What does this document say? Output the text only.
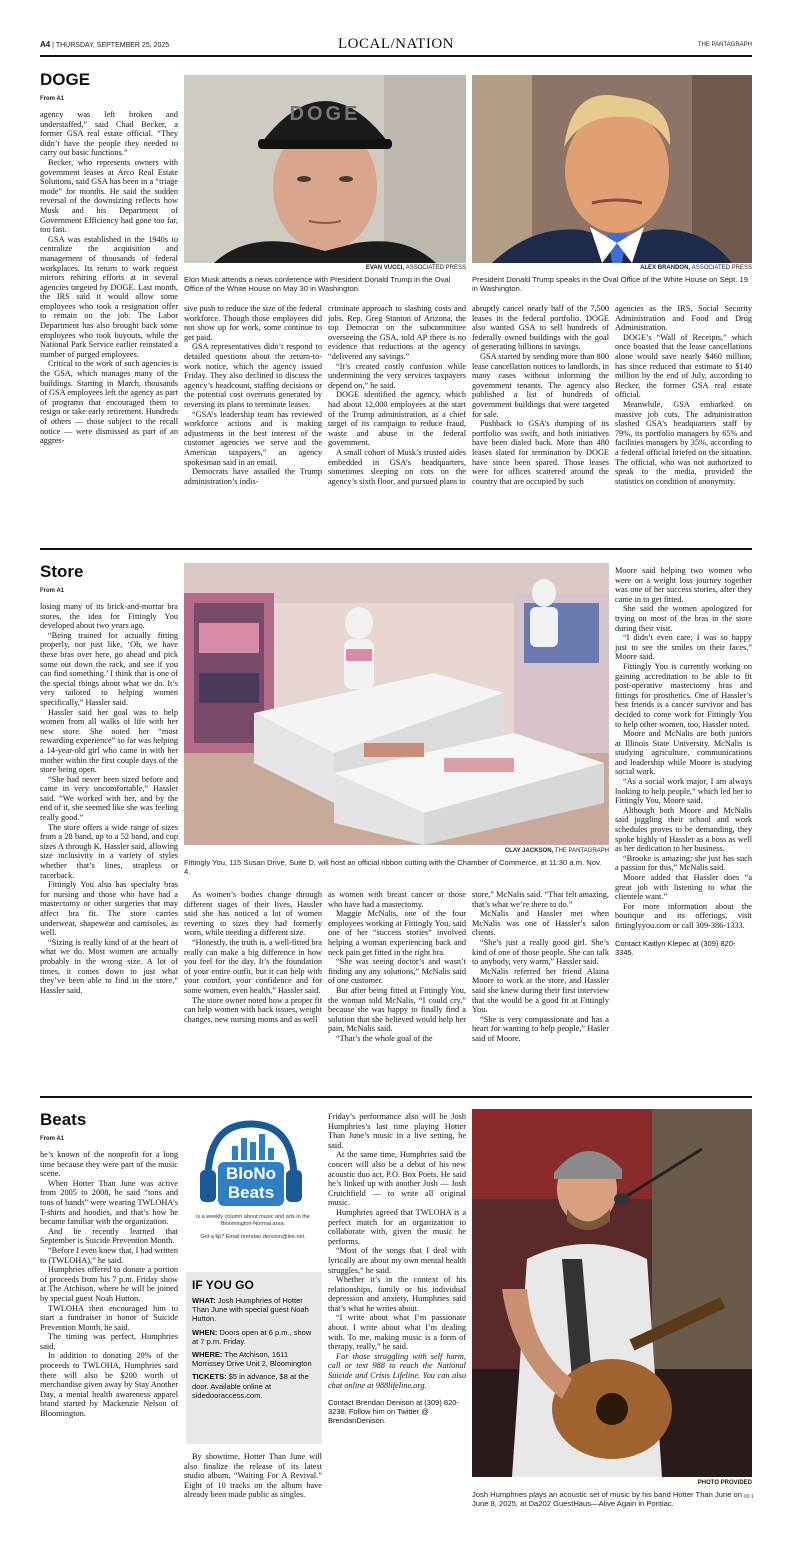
A4 | THURSDAY, SEPTEMBER 25, 2025	LOCAL/NATION	THE PANTAGRAPH
DOGE
From A1
DOGE
EVAN VUCCI, ASSOCIATED PRESS
Elon Musk attends a news conference with President Donald Trump in the Oval Office of the White House on May 30 in Washington.
ALEX BRANDON, ASSOCIATED PRESS
President Donald Trump speaks in the Oval Office of the White House on Sept. 19 in Washington.

agency was left broken and understaffed,” said Chad Becker, a former GSA real estate official. “They didn’t have the people they needed to carry out basic functions.”

Becker, who represents owners with government leases at Arco Real Estate Solutions, said GSA has been in a “triage mode” for months. He said the sudden reversal of the downsizing reflects how Musk and his Department of Government Efficiency had gone too far, too fast.

GSA was established in the 1940s to centralize the acquisition and management of thousands of federal workplaces. Its return to work request mirrors rehiring efforts at in several agencies targeted by DOGE. Last month, the IRS said it would allow some employees who took a resignation offer to remain on the job. The Labor Department has also brought back some employees who took buyouts, while the National Park Service earlier reinstated a number of purged employees.

Critical to the work of such agencies is the GSA, which manages many of the buildings. Starting in March, thousands of GSA employees left the agency as part of programs that encouraged them to resign or take early retirement. Hundreds of others — those subject to the recall notice — were dismissed as part of an aggres-

sive push to reduce the size of the federal workforce. Though those employees did not show up for work, some continue to get paid.

GSA representatives didn’t respond to detailed questions about the return-to-work notice, which the agency issued Friday. They also declined to discuss the agency’s headcount, staffing decisions or the potential cost overruns generated by reversing its plans to terminate leases.

“GSA’s leadership team has reviewed workforce actions and is making adjustments in the best interest of the customer agencies we serve and the American taxpayers,” an agency spokesman said in an email.

Democrats have assailed the Trump administration’s indis-

criminate approach to slashing costs and jobs. Rep. Greg Stanton of Arizona, the top Democrat on the subcommittee overseeing the GSA, told AP there is no evidence that reductions at the agency “delivered any savings.”

“It’s created costly confusion while undermining the very services taxpayers depend on,” he said.

DOGE identified the agency, which had about 12,000 employees at the start of the Trump administration, as a chief target of its campaign to reduce fraud, waste and abuse in the federal government.

A small cohort of Musk’s trusted aides embedded in GSA’s headquarters, sometimes sleeping on cots on the agency’s sixth floor, and pursued plans to

abruptly cancel nearly half of the 7,500 leases in the federal portfolio. DOGE also wanted GSA to sell hundreds of federally owned buildings with the goal of generating billions in savings.

GSA started by sending more than 800 lease cancellation notices to landlords, in many cases without informing the government tenants. The agency also published a list of hundreds of government buildings that were targeted for sale.

Pushback to GSA’s dumping of its portfolio was swift, and both initiatives have been dialed back. More than 480 leases slated for termination by DOGE have since been spared. Those leases were for offices scattered around the country that are occupied by such

agencies as the IRS, Social Security Administration and Food and Drug Administration.

DOGE’s “Wall of Receipts,” which once boasted that the lease cancellations alone would save nearly $460 million, has since reduced that estimate to $140 million by the end of July, according to Becker, the former GSA real estate official.

Meanwhile, GSA embarked on massive job cuts. The administration slashed GSA’s headquarters staff by 79%, its portfolio managers by 65% and facilities managers by 35%, according to a federal official briefed on the situation. The official, who was not authorized to speak to the media, provided the statistics on condition of anonymity.

Store
From A1
CLAY JACKSON, THE PANTAGRAPH
Fittingly You, 115 Susan Drive, Suite D, will host an official ribbon cutting with the Chamber of Commerce, at 11:30 a.m. Nov. 4.

losing many of its brick-and-mortar bra stores, the idea for Fittingly You developed about two years ago.

“Being trained for actually fitting properly, not just like, ‘Oh, we have these bras over here, go ahead and pick some out down the rack, and see if you can find something.’ I think that is one of the special things about what we do. It’s very tailored to helping women specifically,” Hassler said.

Hassler said her goal was to help women from all walks of life with her new store. She noted her “most rewarding experience” so far was helping a 14-year-old girl who came in with her mother within the first couple days of the store being open.

“She had never been sized before and came in very uncomfortable,” Hassler said. “We worked with her, and by the end of it, she seemed like she was feeling really good.”

The store offers a wide range of sizes from a 28 band, up to a 52 band, and cup sizes A through K, Hassler said, allowing size inclusivity in a variety of styles whether that’s lines, strapless or racerback.

Fittingly You also has specialty bras for nursing and those who have had a mastectomy or other surgeries that may affect bra fit. The store carries underwear, shapewear and camisoles, as well.

“Sizing is really kind of at the heart of what we do. Most women are actually probably in the wrong size. A lot of times, it comes down to just what they’ve been able to find in the store,” Hassler said.

As women’s bodies change through different stages of their lives, Hassler said she has noticed a lot of women reverting to sizes they had formerly worn, while needing a different size.

“Honestly, the truth is, a well-fitted bra really can make a big difference in how you feel for the day. It’s the foundation of your entire outfit, but it can help with your comfort, your confidence and for some women, even health,” Hassler said.

The store owner noted how a proper fit can help women with back issues, weight changes, new nursing moms and as well

as women with breast cancer or those who have had a mastectomy.

Maggie McNalis, one of the four employees working at Fittingly You, said one of her “success stories” involved helping a woman experiencing back and neck pain get fitted in the right bra.

“She was seeing doctor’s and wasn’t finding any any solutions,” McNalis said of one customer.

But after being fitted at Fittingly You, the woman told McNalis, “I could cry,” because she was happy to finally find a solution that she believed would help her pain, McNalis said.

“That’s the whole goal of the

store,” McNalis said. “That felt amazing, that’s what we’re there to do.”

McNalis and Hassler met when McNalis was one of Hassler’s salon clients.

“She’s just a really good girl. She’s kind of one of those people. She can talk to anybody, very warm,” Hassler said.

McNalis referred her friend Alaina Moore to work at the store, and Hassler said she knew during their first interview that she would be a good fit at Fittingly You.

“She is very compassionate and has a heart for wanting to help people,” Hasler said of Moore.

Moore said helping two women who were on a weight loss journey together was one of her success stories, after they came in to get fitted.

She said the women apologized for trying on most of the bras in the store during their visit.

“I didn’t even care; I was so happy just to see the smiles on their faces,” Moore said.

Fittingly You is currently working on gaining accreditation to be able to fit post-operative mastectomy bras and fittings for prosthetics. One of Hassler’s best friends is a cancer survivor and has decided to come work for Fittingly You to help other women, too, Hassler noted.

Moore and McNalis are both juniors at Illinois State University. McNalis is studying agriculture, communications and leadership while Moore is studying social work.

“As a social work major, I am always looking to help people,” which led her to Fittingly You, Moore said.

Although both Moore and McNalis said juggling their school and work schedules proves to be demanding, they spoke highly of Hassler as a boss as well as her dedication to her business.

“Brooke is amazing; she just has such a passion for this,” McNalis said.

Moore added that Hassler does “a great job with listening to what the clientele want.”

For more information about the boutique and its offerings, visit fittinglyyou.com or call 309-386-1333.

Contact Kaitlyn Klepec at (309) 820-3345.

Beats
From A1

he’s known of the nonprofit for a long time because they were part of the music scene.

When Hotter Than June was active from 2005 to 2008, he said “tons and tons of bands” were wearing TWLOHA’s T-shirts and hoodies, and that’s how he became familiar with the organization.

And he recently learned that September is Suicide Prevention Month.

“Before I even knew that, I had written to (TWLOHA),” he said.

Humphries offered to donate a portion of proceeds from his 7 p.m. Friday show at The Atchison, where he will be joined by special guest Noah Hutton.

TWLOHA then encouraged him to start a fundraiser in honor of Suicide Prevention Month, he said.

The timing was perfect, Humphries said.

In addition to donating 20% of the proceeds to TWLOHA, Humphries said there will also be $200 worth of merchandise given away by Stay Another Day, a mental health awareness apparel brand started by Mackenzie Nelson of Bloomington.

BloNo
Beats
is a weekly column about music and arts in the Bloomington-Normal area.
Got a tip? Email brendan.dension@lee.net.
IF YOU GO

WHAT: Josh Humphries of Hotter Than June with special guest Noah Hutton.

WHEN: Doors open at 6 p.m., show at 7 p.m. Friday.

WHERE: The Atchison, 1611 Morrissey Drive Unit 2, Bloomington

TICKETS: $5 in advance, $8 at the door. Available online at sidedooraccess.com.

By showtime, Hotter Than June will also finalize the release of its latest studio album, “Waiting For A Revival.” Eight of 10 tracks on the album have already been made public as singles.

Friday’s performance also will be Josh Humphries’s last time playing Hotter Than June’s music in a live setting, he said.

At the same time, Humphries said the concert will also be a debut of his new acoustic duo act, P.O. Box Poets. He said he’s linked up with another Josh — Josh Crutchfield — to write all original music.

Humphries agreed that TWLOHA is a perfect match for an organization to collaborate with, given the music he performs.

“Most of the songs that I deal with lyrically are about my own mental health struggles,” he said.

Whether it’s in the context of his relationships, family or his individual depression and anxiety, Humphries said that’s what he writes about.

“I write about what I’m passionate about. I write about what I’m dealing with. To me, making music is a form of therapy, really,” he said.

For those struggling with self harm, call or text 988 to reach the National Suicide and Crisis Lifeline. You can also chat online at 988lifeline.org.

Contact Brendan Denison at (309) 820-3238. Follow him on Twitter @ BrendanDenison.

PHOTO PROVIDED
Josh Humphries plays an acoustic set of music by his band Hotter Than June on June 8, 2025, at Da202 GuestHaus—Alive Again in Pontiac.
00 1
